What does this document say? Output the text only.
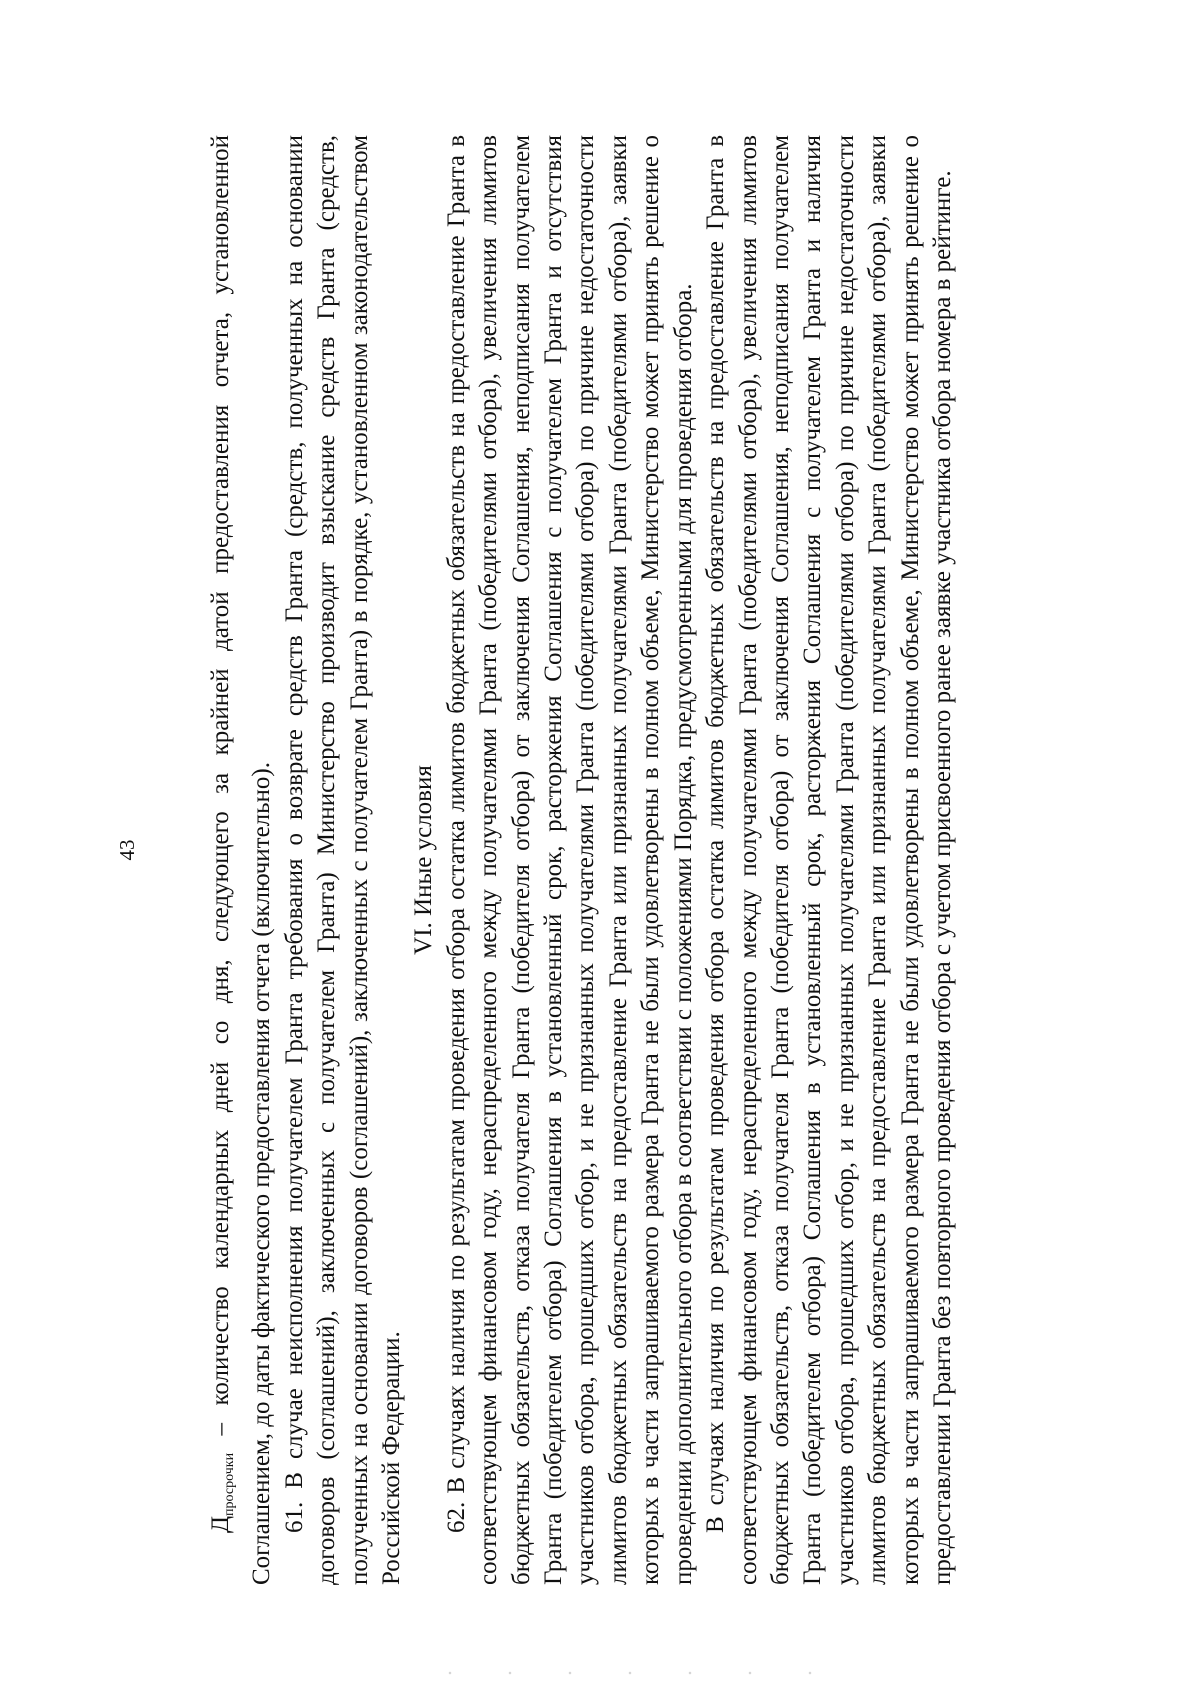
43

$Д_{просрочки}$ – количество календарных дней со дня, следующего за крайней датой предоставления отчета, установленной Соглашением, до даты фактического предоставления отчета (включительно). 61. В случае неисполнения получателем Гранта требования о возврате средств Гранта (средств, полученных на основании договоров (соглашений), заключенных с получателем Гранта) Министерство производит взыскание средств Гранта (средств, полученных на основании договоров (соглашений), заключенных с получателем Гранта) в порядке, установленном законодательством Российской Федерации.

VI. Иные условия 62. В случаях наличия по результатам проведения отбора остатка лимитов бюджетных обязательств на предоставление Гранта в соответствующем финансовом году, нераспределенного между получателями Гранта (победителями отбора), увеличения лимитов бюджетных обязательств, отказа получателя Гранта (победителя отбора) от заключения Соглашения, неподписания получателем Гранта (победителем отбора) Соглашения в установленный срок, расторжения Соглашения с получателем Гранта и отсутствия участников отбора, прошедших отбор, и не признанных получателями Гранта (победителями отбора) по причине недостаточности лимитов бюджетных обязательств на предоставление Гранта или признанных получателями Гранта (победителями отбора), заявки которых в части запрашиваемого размера Гранта не были удовлетворены в полном объеме, Министерство может принять решение о проведении дополнительного отбора в соответствии с положениями Порядка, предусмотренными для проведения отбора. В случаях наличия по результатам проведения отбора остатка лимитов бюджетных обязательств на предоставление Гранта в соответствующем финансовом году, нераспределенного между получателями Гранта (победителями отбора), увеличения лимитов бюджетных обязательств, отказа получателя Гранта (победителя отбора) от заключения Соглашения, неподписания получателем Гранта (победителем отбора) Соглашения в установленный срок, расторжения Соглашения с получателем Гранта и наличия участников отбора, прошедших отбор, и не признанных получателями Гранта (победителями отбора) по причине недостаточности лимитов бюджетных обязательств на предоставление Гранта или признанных получателями Гранта (победителями отбора), заявки которых в части запрашиваемого размера Гранта не были удовлетворены в полном объеме, Министерство может принять решение о предоставлении Гранта без повторного проведения отбора с учетом присвоенного ранее заявке участника отбора номера в рейтинге.
